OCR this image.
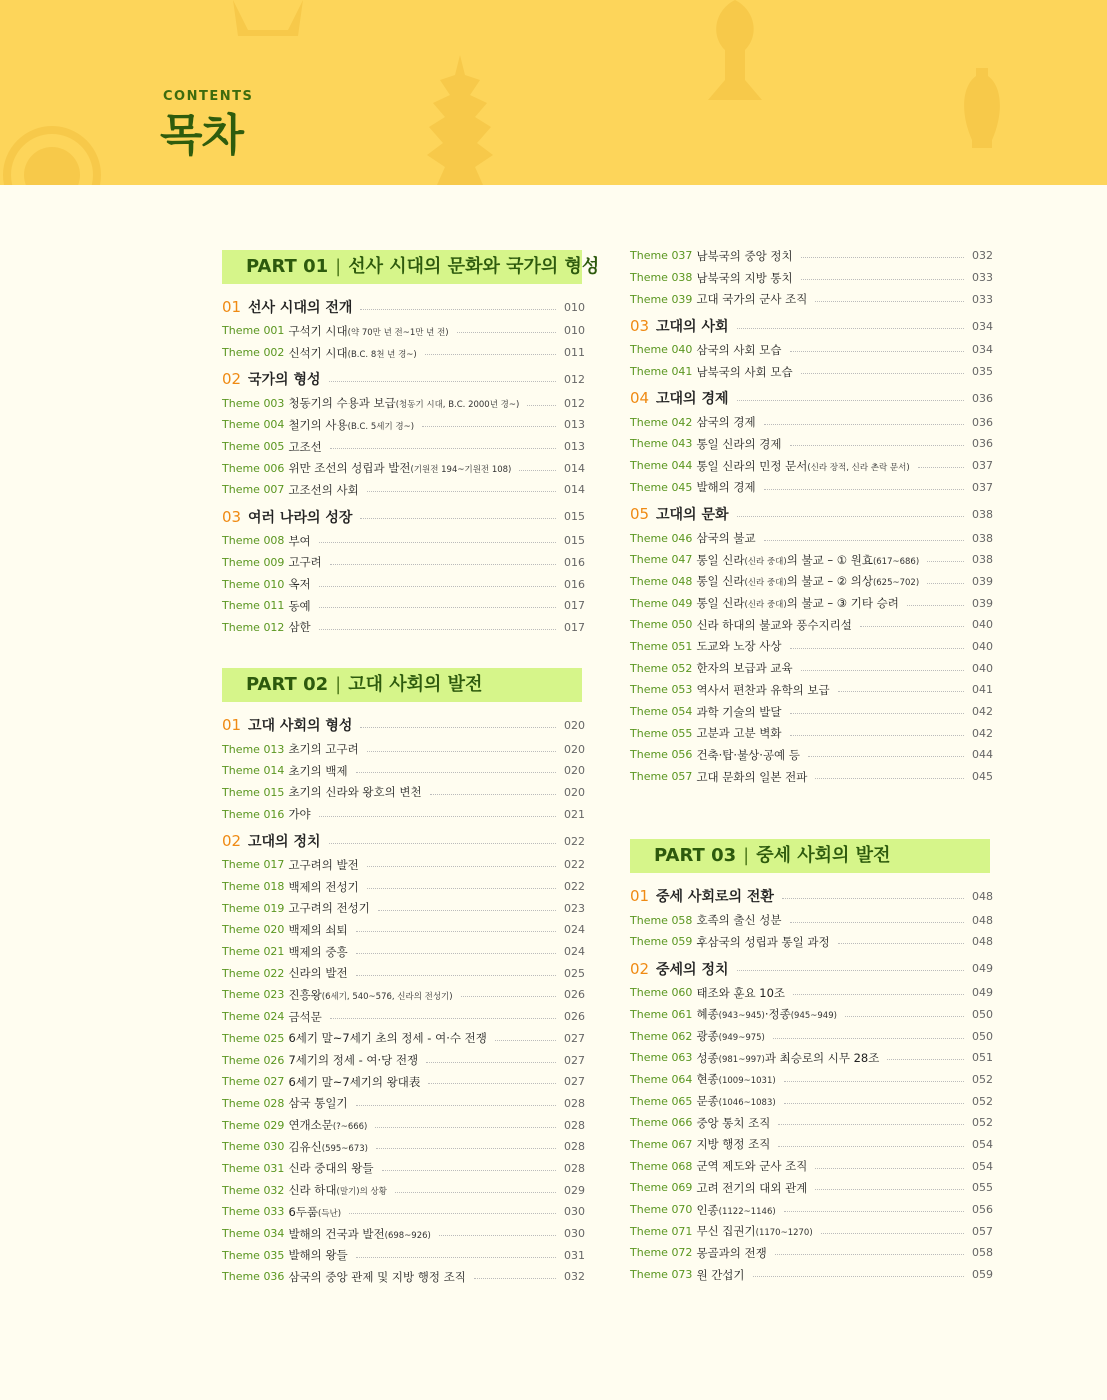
CONTENTS
목차
PART 01 | 선사 시대의 문화와 국가의 형성
01 선사 시대의 전개	010
Theme 001 구석기 시대(약 70만 년 전~1만 년 전)	010
Theme 002 신석기 시대(B.C. 8천 년 경~)	011
02 국가의 형성	012
Theme 003 청동기의 수용과 보급(청동기 시대, B.C. 2000년 경~)	012
Theme 004 철기의 사용(B.C. 5세기 경~)	013
Theme 005 고조선	013
Theme 006 위만 조선의 성립과 발전(기원전 194~기원전 108)	014
Theme 007 고조선의 사회	014
03 여러 나라의 성장	015
Theme 008 부여	015
Theme 009 고구려	016
Theme 010 옥저	016
Theme 011 동예	017
Theme 012 삼한	017
PART 02 | 고대 사회의 발전
01 고대 사회의 형성	020
Theme 013 초기의 고구려	020
Theme 014 초기의 백제	020
Theme 015 초기의 신라와 왕호의 변천	020
Theme 016 가야	021
02 고대의 정치	022
Theme 017 고구려의 발전	022
Theme 018 백제의 전성기	022
Theme 019 고구려의 전성기	023
Theme 020 백제의 쇠퇴	024
Theme 021 백제의 중흥	024
Theme 022 신라의 발전	025
Theme 023 진흥왕(6세기, 540~576, 신라의 전성기)	026
Theme 024 금석문	026
Theme 025 6세기 말~7세기 초의 정세 - 여·수 전쟁	027
Theme 026 7세기의 정세 - 여·당 전쟁	027
Theme 027 6세기 말~7세기의 왕대表	027
Theme 028 삼국 통일기	028
Theme 029 연개소문(?~666)	028
Theme 030 김유신(595~673)	028
Theme 031 신라 중대의 왕들	028
Theme 032 신라 하대(말기)의 상황	029
Theme 033 6두품(득난)	030
Theme 034 발해의 건국과 발전(698~926)	030
Theme 035 발해의 왕들	031
Theme 036 삼국의 중앙 관제 및 지방 행정 조직	032
Theme 037 남북국의 중앙 정치	032
Theme 038 남북국의 지방 통치	033
Theme 039 고대 국가의 군사 조직	033
03 고대의 사회	034
Theme 040 삼국의 사회 모습	034
Theme 041 남북국의 사회 모습	035
04 고대의 경제	036
Theme 042 삼국의 경제	036
Theme 043 통일 신라의 경제	036
Theme 044 통일 신라의 민정 문서(신라 장적, 신라 촌락 문서)	037
Theme 045 발해의 경제	037
05 고대의 문화	038
Theme 046 삼국의 불교	038
Theme 047 통일 신라(신라 중대)의 불교 – ① 원효(617~686)	038
Theme 048 통일 신라(신라 중대)의 불교 – ② 의상(625~702)	039
Theme 049 통일 신라(신라 중대)의 불교 – ③ 기타 승려	039
Theme 050 신라 하대의 불교와 풍수지리설	040
Theme 051 도교와 노장 사상	040
Theme 052 한자의 보급과 교육	040
Theme 053 역사서 편찬과 유학의 보급	041
Theme 054 과학 기술의 발달	042
Theme 055 고분과 고분 벽화	042
Theme 056 건축·탑·불상·공예 등	044
Theme 057 고대 문화의 일본 전파	045
PART 03 | 중세 사회의 발전
01 중세 사회로의 전환	048
Theme 058 호족의 출신 성분	048
Theme 059 후삼국의 성립과 통일 과정	048
02 중세의 정치	049
Theme 060 태조와 훈요 10조	049
Theme 061 혜종(943~945)·정종(945~949)	050
Theme 062 광종(949~975)	050
Theme 063 성종(981~997)과 최승로의 시무 28조	051
Theme 064 현종(1009~1031)	052
Theme 065 문종(1046~1083)	052
Theme 066 중앙 통치 조직	052
Theme 067 지방 행정 조직	054
Theme 068 군역 제도와 군사 조직	054
Theme 069 고려 전기의 대외 관계	055
Theme 070 인종(1122~1146)	056
Theme 071 무신 집권기(1170~1270)	057
Theme 072 몽골과의 전쟁	058
Theme 073 원 간섭기	059
